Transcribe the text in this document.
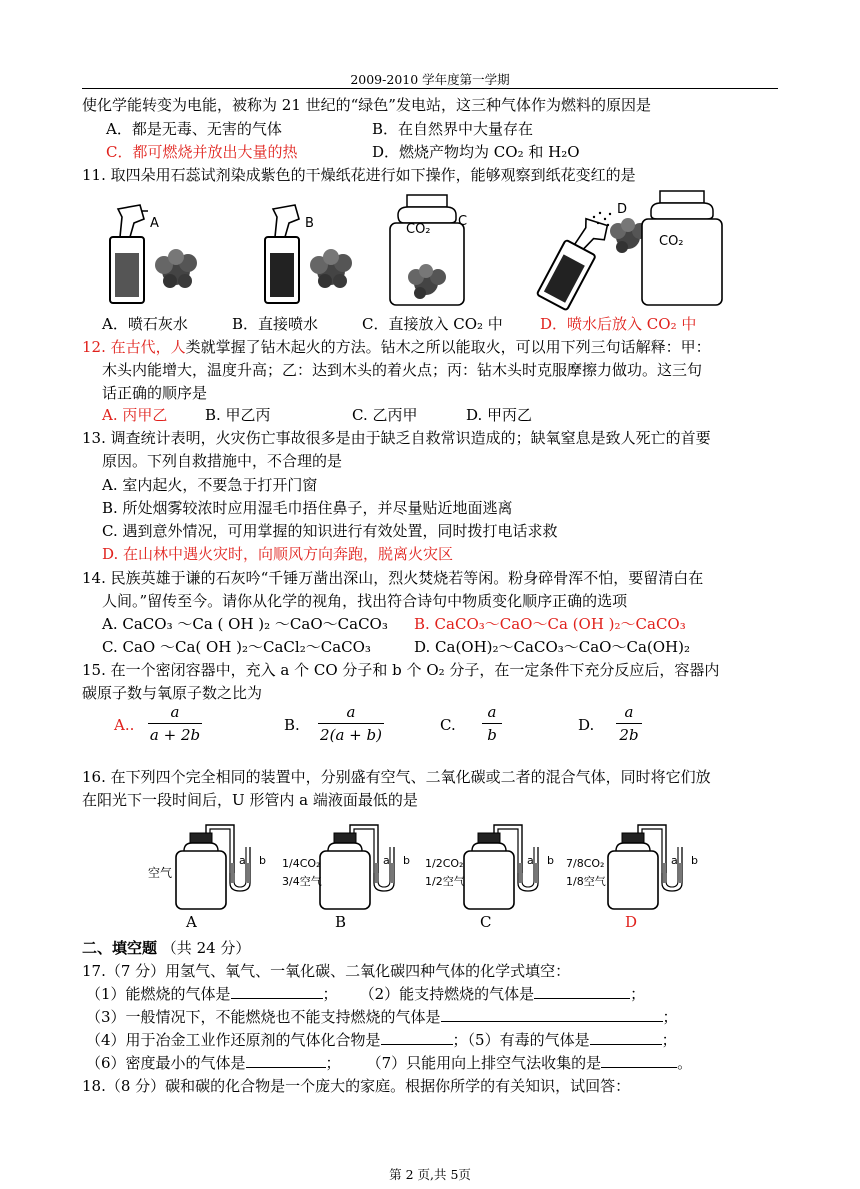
2009-2010 学年度第一学期
使化学能转变为电能，被称为 21 世纪的“绿色”发电站，这三种气体作为燃料的原因是
A．都是无毒、无害的气体	B．在自然界中大量存在
C．都可燃烧并放出大量的热	D．燃烧产物均为 CO₂ 和 H₂O
11. 取四朵用石蕊试剂染成紫色的干燥纸花进行如下操作，能够观察到纸花变红的是
A	B	C
D
CO₂
CO₂
A．喷石灰水	B．直接喷水	C．直接放入 CO₂ 中 D．喷水后放入 CO₂ 中
12. 在古代，人类就掌握了钻木起火的方法。钻木之所以能取火，可以用下列三句话解释：甲：
木头内能增大，温度升高；乙：达到木头的着火点；丙：钻木头时克服摩擦力做功。这三句
话正确的顺序是
A. 丙甲乙	B. 甲乙丙	C. 乙丙甲	D. 甲丙乙
13. 调查统计表明，火灾伤亡事故很多是由于缺乏自救常识造成的；缺氧窒息是致人死亡的首要
原因。下列自救措施中，不合理的是
A. 室内起火，不要急于打开门窗
B. 所处烟雾较浓时应用湿毛巾捂住鼻子，并尽量贴近地面逃离
C. 遇到意外情况，可用掌握的知识进行有效处置，同时拨打电话求救
D. 在山林中遇火灾时，向顺风方向奔跑，脱离火灾区
14. 民族英雄于谦的石灰吟“千锤万凿出深山，烈火焚烧若等闲。粉身碎骨浑不怕，要留清白在
人间。”留传至今。请你从化学的视角，找出符合诗句中物质变化顺序正确的选项
A. CaCO₃ ～Ca ( OH )₂ ～CaO～CaCO₃ B. CaCO₃～CaO～Ca (OH )₂～CaCO₃
C. CaO ～Ca( OH )₂～CaCl₂～CaCO₃	D. Ca(OH)₂～CaCO₃～CaO～Ca(OH)₂
15. 在一个密闭容器中，充入 a 个 CO 分子和 b 个 O₂ 分子，在一定条件下充分反应后，容器内
碳原子数与氧原子数之比为
A..
a
a + 2b
B.
a
2(a + b)
C.
a
b
D.
a
2b
16. 在下列四个完全相同的装置中，分别盛有空气、二氧化碳或二者的混合气体，同时将它们放
在阳光下一段时间后，U 形管内 a 端液面最低的是
A	B	C	D
空气
1/4CO₂
3/4空气
1/2CO₂
1/2空气
7/8CO₂
1/8空气
a b	a b	a b	a b
二、填空题 （共 24 分）
17.（7 分）用氢气、氧气、一氧化碳、二氧化碳四种气体的化学式填空：
（1）能燃烧的气体是	； （2）能支持燃烧的气体是	；
（3）一般情况下，不能燃烧也不能支持燃烧的气体是	；
（4）用于冶金工业作还原剂的气体化合物是	；（5）有毒的气体是	；
（6）密度最小的气体是	； （7）只能用向上排空气法收集的是	。
18.（8 分）碳和碳的化合物是一个庞大的家庭。根据你所学的有关知识，试回答：
第 2 页,共 5页
